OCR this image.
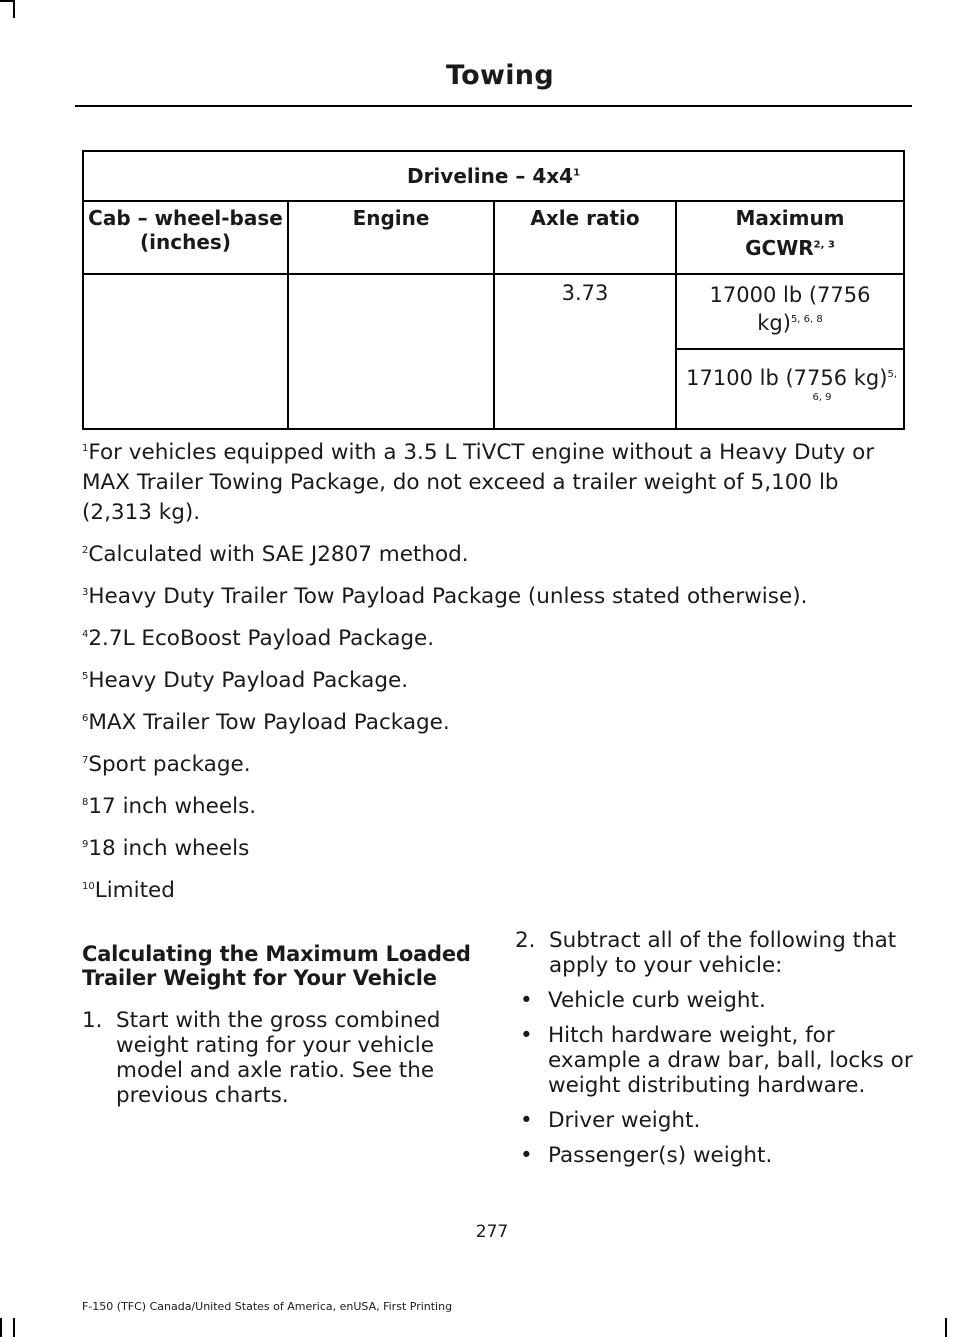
Towing
Driveline – $4x4^1$
Cab – wheel-base (inches)	Engine	Axle ratio	Maximum
GCWR$^{2, 3}$
		3.73	17000 lb (7756
kg)$^{5, 6, 8}$
			17100 lb (7756 kg)$^{5,}$
6, 9
$^1$For vehicles equipped with a 3.5 L TiVCT engine without a Heavy Duty or MAX Trailer Towing Package, do not exceed a trailer weight of 5,100 lb (2,313 kg).
$^2$Calculated with SAE J2807 method.
$^3$Heavy Duty Trailer Tow Payload Package (unless stated otherwise).
$^4$2.7L EcoBoost Payload Package.
$^5$Heavy Duty Payload Package.
$^6$MAX Trailer Tow Payload Package.
$^7$Sport package.
$^8$17 inch wheels.
$^9$18 inch wheels
$^{10}$Limited
Calculating the Maximum Loaded Trailer Weight for Your Vehicle
1. Start with the gross combined weight rating for your vehicle model and axle ratio. See the previous charts.
2. Subtract all of the following that apply to your vehicle:
• Vehicle curb weight.
• Hitch hardware weight, for example a draw bar, ball, locks or weight distributing hardware.
• Driver weight.
• Passenger(s) weight.
277
F-150 (TFC) Canada/United States of America, enUSA, First Printing
